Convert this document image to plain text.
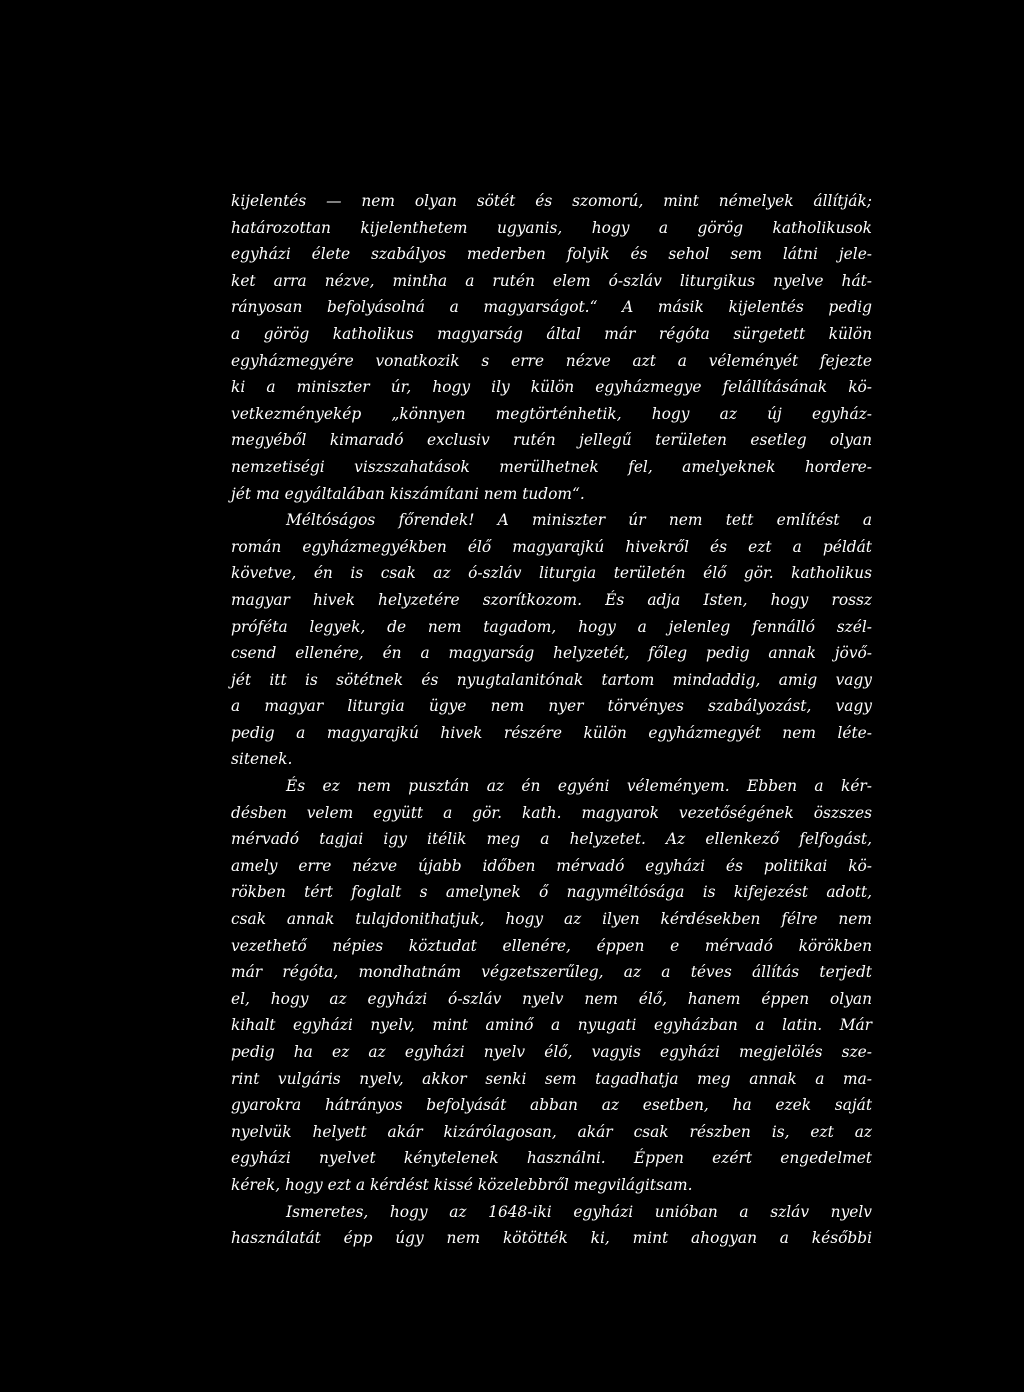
kijelentés — nem olyan sötét és szomorú, mint némelyek állítják;
határozottan kijelenthetem ugyanis, hogy a görög katholikusok
egyházi élete szabályos mederben folyik és sehol sem látni jele-
ket arra nézve, mintha a rutén elem ó-szláv liturgikus nyelve hát-
rányosan befolyásolná a magyarságot.“ A másik kijelentés pedig
a görög katholikus magyarság által már régóta sürgetett külön
egyházmegyére vonatkozik s erre nézve azt a véleményét fejezte
ki a miniszter úr, hogy ily külön egyházmegye felállításának kö-
vetkezményekép „könnyen megtörténhetik, hogy az új egyház-
megyéből kimaradó exclusiv rutén jellegű területen esetleg olyan
nemzetiségi viszszahatások merülhetnek fel, amelyeknek hordere-
jét ma egyáltalában kiszámítani nem tudom“.
Méltóságos főrendek! A miniszter úr nem tett említést a
román egyházmegyékben élő magyarajkú hivekről és ezt a példát
követve, én is csak az ó-szláv liturgia területén élő gör. katholikus
magyar hivek helyzetére szorítkozom. És adja Isten, hogy rossz
próféta legyek, de nem tagadom, hogy a jelenleg fennálló szél-
csend ellenére, én a magyarság helyzetét, főleg pedig annak jövő-
jét itt is sötétnek és nyugtalanitónak tartom mindaddig, amig vagy
a magyar liturgia ügye nem nyer törvényes szabályozást, vagy
pedig a magyarajkú hivek részére külön egyházmegyét nem léte-
sitenek.
És ez nem pusztán az én egyéni véleményem. Ebben a kér-
désben velem együtt a gör. kath. magyarok vezetőségének öszszes
mérvadó tagjai igy itélik meg a helyzetet. Az ellenkező felfogást,
amely erre nézve újabb időben mérvadó egyházi és politikai kö-
rökben tért foglalt s amelynek ő nagyméltósága is kifejezést adott,
csak annak tulajdonithatjuk, hogy az ilyen kérdésekben félre nem
vezethető népies köztudat ellenére, éppen e mérvadó körökben
már régóta, mondhatnám végzetszerűleg, az a téves állítás terjedt
el, hogy az egyházi ó-szláv nyelv nem élő, hanem éppen olyan
kihalt egyházi nyelv, mint aminő a nyugati egyházban a latin. Már
pedig ha ez az egyházi nyelv élő, vagyis egyházi megjelölés sze-
rint vulgáris nyelv, akkor senki sem tagadhatja meg annak a ma-
gyarokra hátrányos befolyását abban az esetben, ha ezek saját
nyelvük helyett akár kizárólagosan, akár csak részben is, ezt az
egyházi nyelvet kénytelenek használni. Éppen ezért engedelmet
kérek, hogy ezt a kérdést kissé közelebbről megvilágitsam.
Ismeretes, hogy az 1648-iki egyházi unióban a szláv nyelv
használatát épp úgy nem kötötték ki, mint ahogyan a későbbi
